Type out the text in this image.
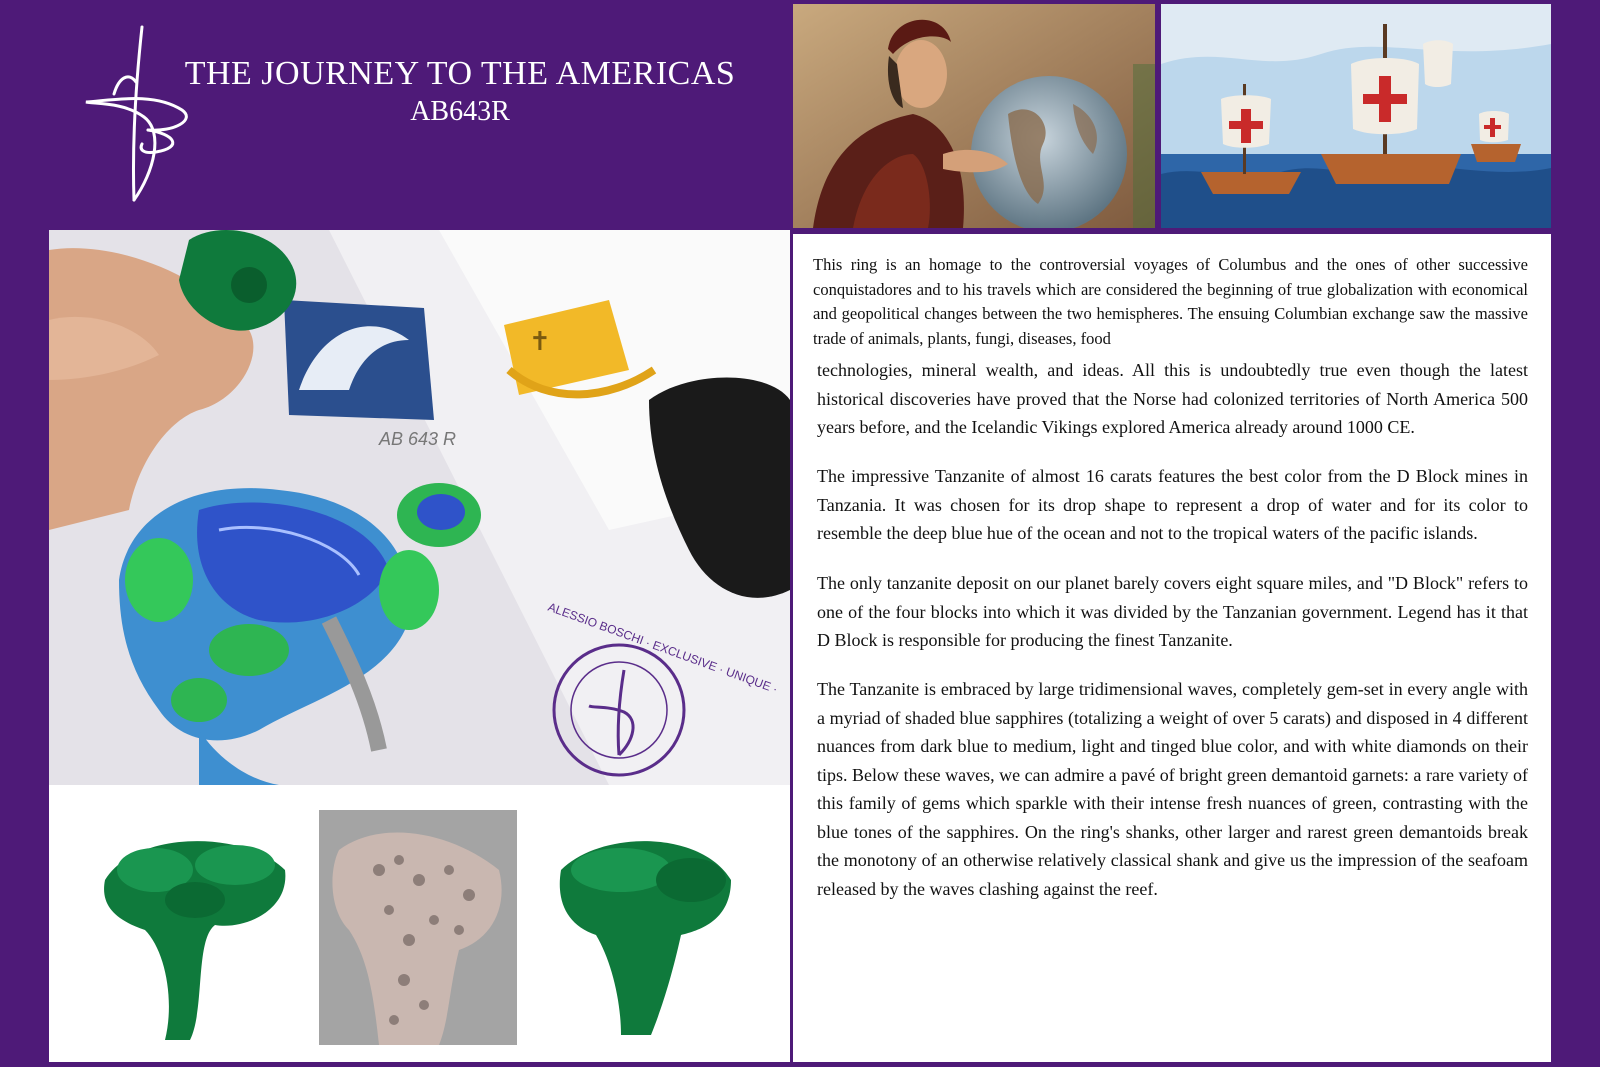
THE JOURNEY TO THE AMERICAS
AB643R
✝
AB 643 R
ALESSIO BOSCHI · EXCLUSIVE · UNIQUE ·

This ring is an homage to the controversial voyages of Columbus and the ones of other successive conquistadores and to his travels which are considered the beginning of true globalization with economical and geopolitical changes between the two hemispheres. The ensuing Columbian exchange saw the massive trade of animals, plants, fungi, diseases, food

technologies, mineral wealth, and ideas. All this is undoubtedly true even though the latest historical discoveries have proved that the Norse had colonized territories of North America 500 years before, and the Icelandic Vikings explored America already around 1000 CE.

The impressive Tanzanite of almost 16 carats features the best color from the D Block mines in Tanzania. It was chosen for its drop shape to represent a drop of water and for its color to resemble the deep blue hue of the ocean and not to the tropical waters of the pacific islands.

The only tanzanite deposit on our planet barely covers eight square miles, and "D Block" refers to one of the four blocks into which it was divided by the Tanzanian government. Legend has it that D Block is responsible for producing the finest Tanzanite.

The Tanzanite is embraced by large tridimensional waves, completely gem-set in every angle with a myriad of shaded blue sapphires (totalizing a weight of over 5 carats) and disposed in 4 different nuances from dark blue to medium, light and tinged blue color, and with white diamonds on their tips. Below these waves, we can admire a pavé of bright green demantoid garnets: a rare variety of this family of gems which sparkle with their intense fresh nuances of green, contrasting with the blue tones of the sapphires. On the ring's shanks, other larger and rarest green demantoids break the monotony of an otherwise relatively classical shank and give us the impression of the seafoam released by the waves clashing against the reef.
